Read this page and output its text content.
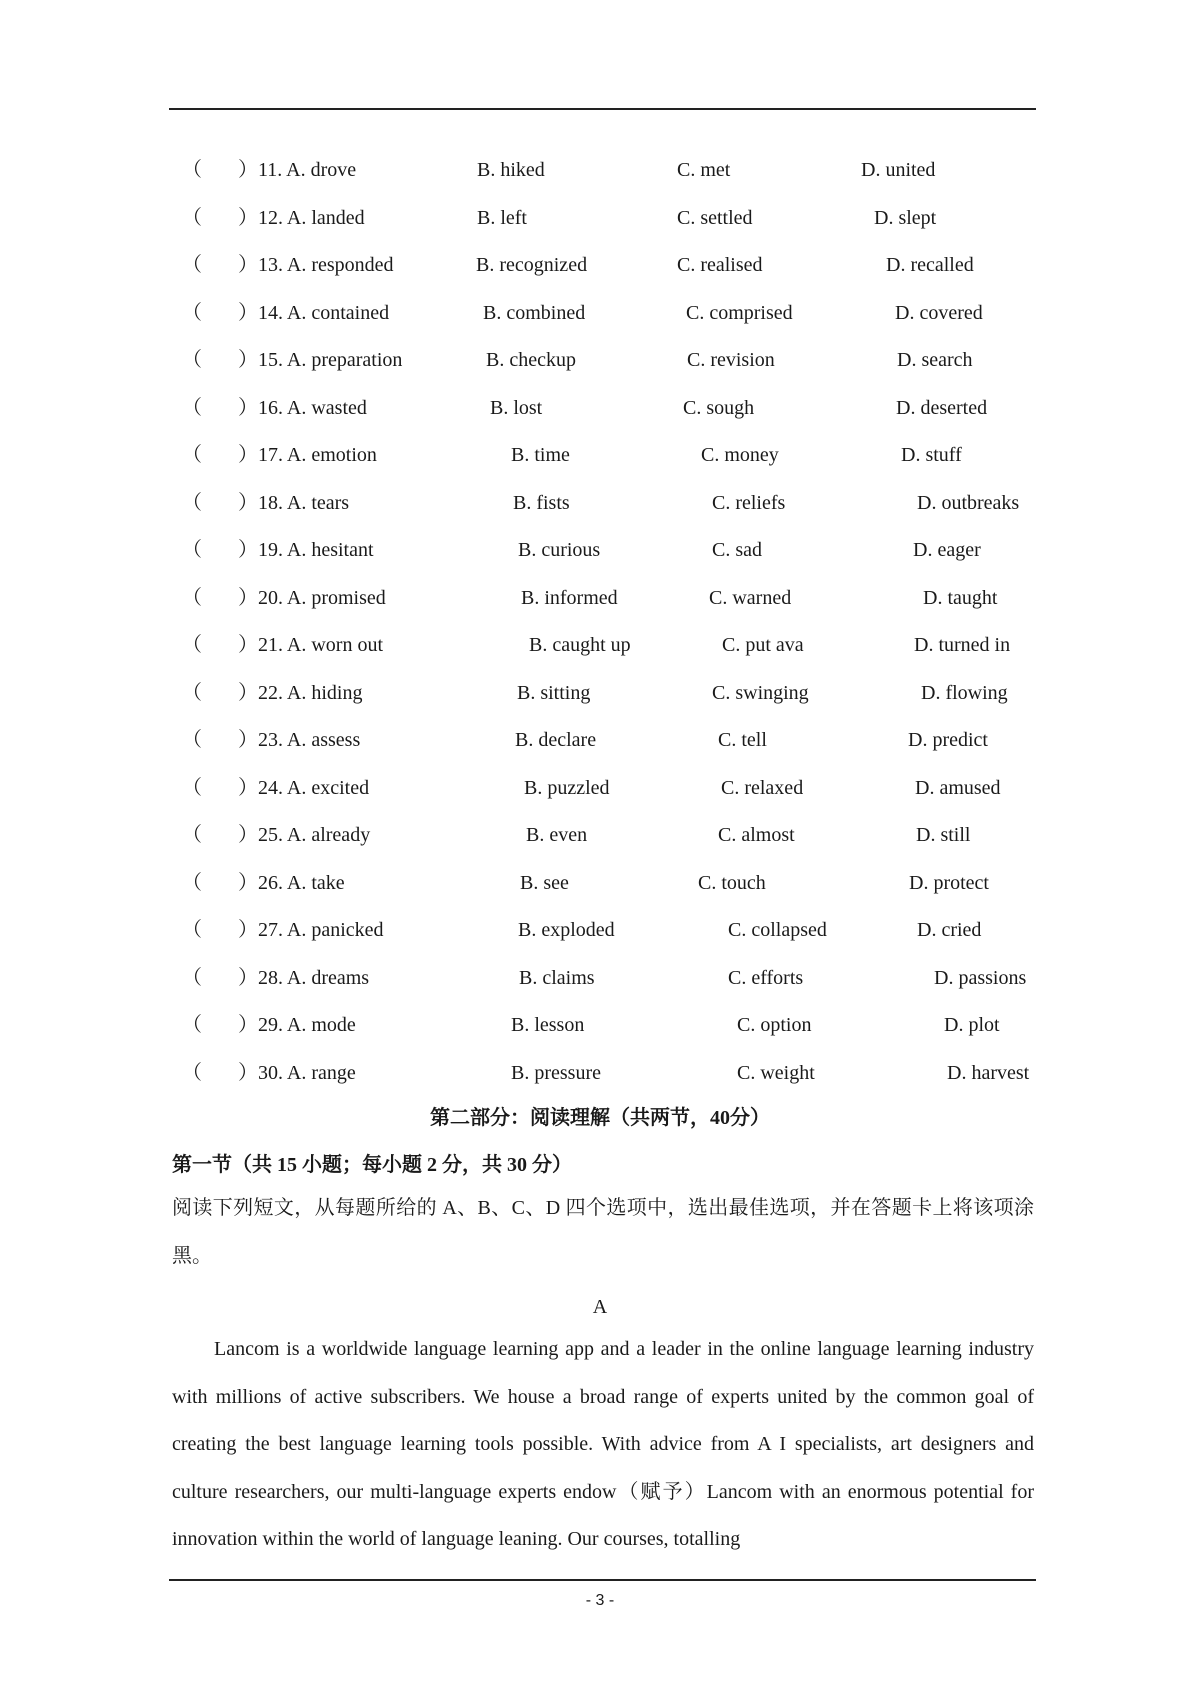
（ ） 11. A. drove	B. hiked	C. met	D. united
（ ） 12. A. landed	B. left	C. settled	D. slept
（ ） 13. A. responded	B. recognized	C. realised	D. recalled
（ ） 14. A. contained	B. combined	C. comprised	D. covered
（ ） 15. A. preparation	B. checkup	C. revision	D. search
（ ） 16. A. wasted	B. lost	C. sough	D. deserted
（ ） 17. A. emotion	B. time	C. money	D. stuff
（ ） 18. A. tears	B. fists	C. reliefs	D. outbreaks
（ ） 19. A. hesitant	B. curious	C. sad	D. eager
（ ） 20. A. promised	B. informed	C. warned	D. taught
（ ） 21. A. worn out	B. caught up	C. put ava	D. turned in
（ ） 22. A. hiding	B. sitting	C. swinging	D. flowing
（ ） 23. A. assess	B. declare	C. tell	D. predict
（ ） 24. A. excited	B. puzzled	C. relaxed	D. amused
（ ） 25. A. already	B. even	C. almost	D. still
（ ） 26. A. take	B. see	C. touch	D. protect
（ ） 27. A. panicked	B. exploded	C. collapsed	D. cried
（ ） 28. A. dreams	B. claims	C. efforts	D. passions
（ ） 29. A. mode	B. lesson	C. option	D. plot
（ ） 30. A. range	B. pressure	C. weight	D. harvest
第二部分：阅读理解（共两节，40分）
第一节（共 15 小题；每小题 2 分，共 30 分）
阅读下列短文，从每题所给的 A、B、C、D 四个选项中，选出最佳选项，并在答题卡上将该项涂黑。
A
Lancom is a worldwide language learning app and a leader in the online language learning industry with millions of active subscribers. We house a broad range of experts united by the common goal of creating the best language learning tools possible. With advice from A I specialists, art designers and culture researchers, our multi-language experts endow（赋予）Lancom with an enormous potential for innovation within the world of language leaning. Our courses, totalling
- 3 -
